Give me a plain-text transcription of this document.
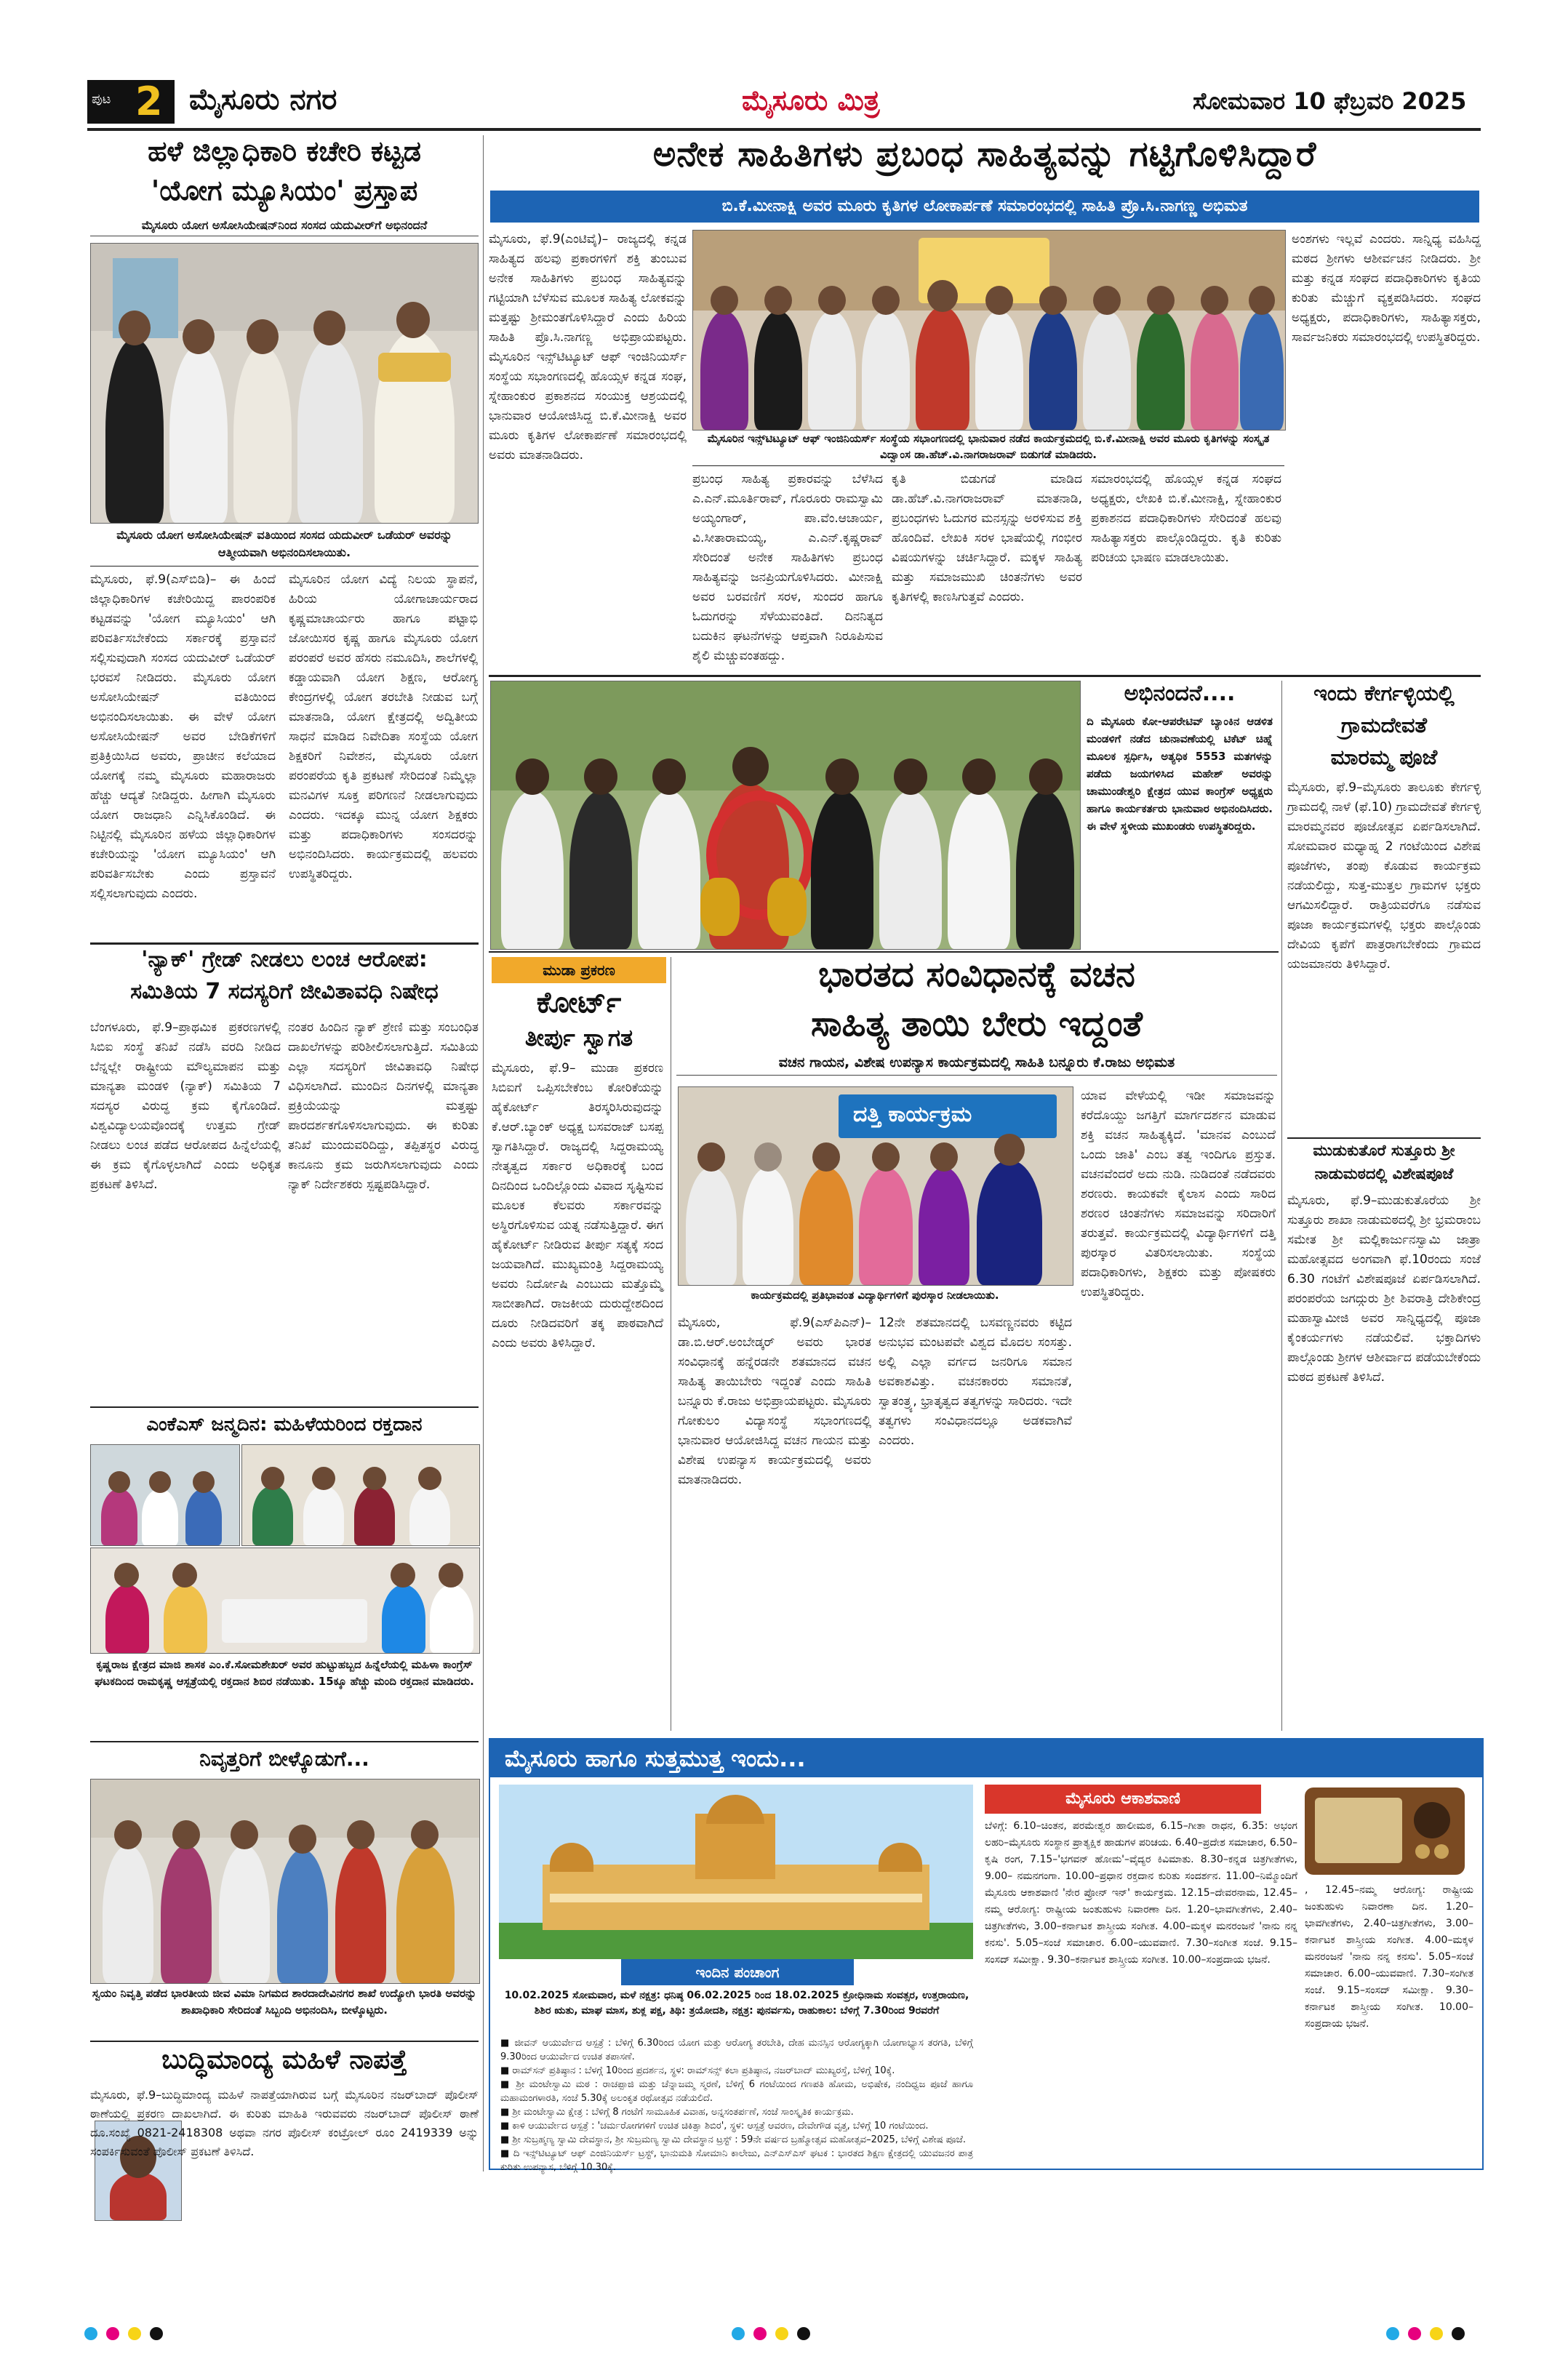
ಪುಟ 2 ಮೈಸೂರು ನಗರ	ಮೈಸೂರು ಮಿತ್ರ	ಸೋಮವಾರ 10 ಫೆಬ್ರವರಿ 2025
ಹಳೆ ಜಿಲ್ಲಾಧಿಕಾರಿ ಕಚೇರಿ ಕಟ್ಟಡ
'ಯೋಗ ಮ್ಯೂಸಿಯಂ' ಪ್ರಸ್ತಾಪ
ಮೈಸೂರು ಯೋಗ ಅಸೋಸಿಯೇಷನ್‌ನಿಂದ ಸಂಸದ ಯದುವೀರ್‌ಗೆ ಅಭಿನಂದನೆ
ಮೈಸೂರು ಯೋಗ ಅಸೋಸಿಯೇಷನ್ ವತಿಯಿಂದ ಸಂಸದ ಯದುವೀರ್ ಒಡೆಯರ್ ಅವರನ್ನು ಆತ್ಮೀಯವಾಗಿ ಅಭಿನಂದಿಸಲಾಯಿತು.
ಮೈಸೂರು, ಫೆ.9(ಎಸ್‌ಬಿಡಿ)– ಈ ಹಿಂದೆ ಜಿಲ್ಲಾಧಿಕಾರಿಗಳ ಕಚೇರಿಯಿದ್ದ ಪಾರಂಪರಿಕ ಕಟ್ಟಡವನ್ನು 'ಯೋಗ ಮ್ಯೂಸಿಯಂ' ಆಗಿ ಪರಿವರ್ತಿಸಬೇಕೆಂದು ಸರ್ಕಾರಕ್ಕೆ ಪ್ರಸ್ತಾವನೆ ಸಲ್ಲಿಸುವುದಾಗಿ ಸಂಸದ ಯದುವೀರ್ ಒಡೆಯರ್ ಭರವಸೆ ನೀಡಿದರು. ಮೈಸೂರು ಯೋಗ ಅಸೋಸಿಯೇಷನ್ ವತಿಯಿಂದ ಅಭಿನಂದಿಸಲಾಯಿತು. ಈ ವೇಳೆ ಯೋಗ ಅಸೋಸಿಯೇಷನ್ ಅವರ ಬೇಡಿಕೆಗಳಿಗೆ ಪ್ರತಿಕ್ರಿಯಿಸಿದ ಅವರು, ಪ್ರಾಚೀನ ಕಲೆಯಾದ ಯೋಗಕ್ಕೆ ನಮ್ಮ ಮೈಸೂರು ಮಹಾರಾಜರು ಹೆಚ್ಚು ಆದ್ಯತೆ ನೀಡಿದ್ದರು. ಹೀಗಾಗಿ ಮೈಸೂರು ಯೋಗ ರಾಜಧಾನಿ ಎನ್ನಿಸಿಕೊಂಡಿದೆ. ಈ ನಿಟ್ಟಿನಲ್ಲಿ ಮೈಸೂರಿನ ಹಳೆಯ ಜಿಲ್ಲಾಧಿಕಾರಿಗಳ ಕಚೇರಿಯನ್ನು 'ಯೋಗ ಮ್ಯೂಸಿಯಂ' ಆಗಿ ಪರಿವರ್ತಿಸಬೇಕು ಎಂದು ಪ್ರಸ್ತಾವನೆ ಸಲ್ಲಿಸಲಾಗುವುದು ಎಂದರು.
ಮೈಸೂರಿನ ಯೋಗ ವಿದ್ಯೆ ನಿಲಯ ಸ್ಥಾಪನೆ, ಹಿರಿಯ ಯೋಗಾಚಾರ್ಯರಾದ ಕೃಷ್ಣಮಾಚಾರ್ಯರು ಹಾಗೂ ಪಟ್ಟಾಭಿ ಜೋಯಿಸರ ಕೃಷ್ಣ ಹಾಗೂ ಮೈಸೂರು ಯೋಗ ಪರಂಪರೆ ಅವರ ಹೆಸರು ನಮೂದಿಸಿ, ಶಾಲೆಗಳಲ್ಲಿ ಕಡ್ಡಾಯವಾಗಿ ಯೋಗ ಶಿಕ್ಷಣ, ಆರೋಗ್ಯ ಕೇಂದ್ರಗಳಲ್ಲಿ ಯೋಗ ತರಬೇತಿ ನೀಡುವ ಬಗ್ಗೆ ಮಾತನಾಡಿ, ಯೋಗ ಕ್ಷೇತ್ರದಲ್ಲಿ ಅದ್ವಿತೀಯ ಸಾಧನೆ ಮಾಡಿದ ನಿವೇದಿತಾ ಸಂಸ್ಥೆಯ ಯೋಗ ಶಿಕ್ಷಕರಿಗೆ ನಿವೇಶನ, ಮೈಸೂರು ಯೋಗ ಪರಂಪರೆಯ ಕೃತಿ ಪ್ರಕಟಣೆ ಸೇರಿದಂತೆ ನಿಮ್ಮೆಲ್ಲಾ ಮನವಿಗಳ ಸೂಕ್ತ ಪರಿಗಣನೆ ನೀಡಲಾಗುವುದು ಎಂದರು. ಇದಕ್ಕೂ ಮುನ್ನ ಯೋಗ ಶಿಕ್ಷಕರು ಮತ್ತು ಪದಾಧಿಕಾರಿಗಳು ಸಂಸದರನ್ನು ಅಭಿನಂದಿಸಿದರು. ಕಾರ್ಯಕ್ರಮದಲ್ಲಿ ಹಲವರು ಉಪಸ್ಥಿತರಿದ್ದರು.
'ನ್ಯಾಕ್' ಗ್ರೇಡ್ ನೀಡಲು ಲಂಚ ಆರೋಪ:
ಸಮಿತಿಯ 7 ಸದಸ್ಯರಿಗೆ ಜೀವಿತಾವಧಿ ನಿಷೇಧ
ಬೆಂಗಳೂರು, ಫೆ.9–ಪ್ರಾಥಮಿಕ ಪ್ರಕರಣಗಳಲ್ಲಿ ಸಿಬಿಐ ಸಂಸ್ಥೆ ತನಿಖೆ ನಡೆಸಿ ವರದಿ ನೀಡಿದ ಬೆನ್ನಲ್ಲೇ ರಾಷ್ಟ್ರೀಯ ಮೌಲ್ಯಮಾಪನ ಮತ್ತು ಮಾನ್ಯತಾ ಮಂಡಳಿ (ನ್ಯಾಕ್) ಸಮಿತಿಯ 7 ಸದಸ್ಯರ ವಿರುದ್ಧ ಕ್ರಮ ಕೈಗೊಂಡಿದೆ. ವಿಶ್ವವಿದ್ಯಾಲಯವೊಂದಕ್ಕೆ ಉತ್ತಮ ಗ್ರೇಡ್ ನೀಡಲು ಲಂಚ ಪಡೆದ ಆರೋಪದ ಹಿನ್ನೆಲೆಯಲ್ಲಿ ಈ ಕ್ರಮ ಕೈಗೊಳ್ಳಲಾಗಿದೆ ಎಂದು ಅಧಿಕೃತ ಪ್ರಕಟಣೆ ತಿಳಿಸಿದೆ.
ನಂತರ ಹಿಂದಿನ ನ್ಯಾಕ್ ಶ್ರೇಣಿ ಮತ್ತು ಸಂಬಂಧಿತ ದಾಖಲೆಗಳನ್ನು ಪರಿಶೀಲಿಸಲಾಗುತ್ತಿದೆ. ಸಮಿತಿಯ ಎಲ್ಲಾ ಸದಸ್ಯರಿಗೆ ಜೀವಿತಾವಧಿ ನಿಷೇಧ ವಿಧಿಸಲಾಗಿದೆ. ಮುಂದಿನ ದಿನಗಳಲ್ಲಿ ಮಾನ್ಯತಾ ಪ್ರಕ್ರಿಯೆಯನ್ನು ಮತ್ತಷ್ಟು ಪಾರದರ್ಶಕಗೊಳಿಸಲಾಗುವುದು. ಈ ಕುರಿತು ತನಿಖೆ ಮುಂದುವರಿದಿದ್ದು, ತಪ್ಪಿತಸ್ಥರ ವಿರುದ್ಧ ಕಾನೂನು ಕ್ರಮ ಜರುಗಿಸಲಾಗುವುದು ಎಂದು ನ್ಯಾಕ್ ನಿರ್ದೇಶಕರು ಸ್ಪಷ್ಟಪಡಿಸಿದ್ದಾರೆ.
ಎಂಕೆಎಸ್ ಜನ್ಮದಿನ: ಮಹಿಳೆಯರಿಂದ ರಕ್ತದಾನ
ಕೃಷ್ಣರಾಜ ಕ್ಷೇತ್ರದ ಮಾಜಿ ಶಾಸಕ ಎಂ.ಕೆ.ಸೋಮಶೇಖರ್ ಅವರ ಹುಟ್ಟುಹಬ್ಬದ ಹಿನ್ನೆಲೆಯಲ್ಲಿ ಮಹಿಳಾ ಕಾಂಗ್ರೆಸ್ ಘಟಕದಿಂದ ರಾಮಕೃಷ್ಣ ಆಸ್ಪತ್ರೆಯಲ್ಲಿ ರಕ್ತದಾನ ಶಿಬಿರ ನಡೆಯಿತು. 15ಕ್ಕೂ ಹೆಚ್ಚು ಮಂದಿ ರಕ್ತದಾನ ಮಾಡಿದರು.
ನಿವೃತ್ತರಿಗೆ ಬೀಳ್ಕೊಡುಗೆ...
ಸ್ವಯಂ ನಿವೃತ್ತಿ ಪಡೆದ ಭಾರತೀಯ ಜೀವ ವಿಮಾ ನಿಗಮದ ಶಾರದಾದೇವಿನಗರ ಶಾಖೆ ಉದ್ಯೋಗಿ ಭಾರತಿ ಅವರನ್ನು ಶಾಖಾಧಿಕಾರಿ ಸೇರಿದಂತೆ ಸಿಬ್ಬಂದಿ ಅಭಿನಂದಿಸಿ, ಬೀಳ್ಕೊಟ್ಟರು.
ಬುದ್ಧಿಮಾಂದ್ಯ ಮಹಿಳೆ ನಾಪತ್ತೆ
ಮೈಸೂರು, ಫೆ.9–ಬುದ್ಧಿಮಾಂದ್ಯ ಮಹಿಳೆ ನಾಪತ್ತೆಯಾಗಿರುವ ಬಗ್ಗೆ ಮೈಸೂರಿನ ನಜರ್‌ಬಾದ್ ಪೊಲೀಸ್ ಠಾಣೆಯಲ್ಲಿ ಪ್ರಕರಣ ದಾಖಲಾಗಿದೆ. ಈ ಕುರಿತು ಮಾಹಿತಿ ಇರುವವರು ನಜರ್‌ಬಾದ್ ಪೊಲೀಸ್ ಠಾಣೆ ದೂ.ಸಂಖ್ಯೆ 0821-2418308 ಅಥವಾ ನಗರ ಪೊಲೀಸ್ ಕಂಟ್ರೋಲ್ ರೂಂ 2419339 ಅನ್ನು ಸಂಪರ್ಕಿಸುವಂತೆ ಪೊಲೀಸ್ ಪ್ರಕಟಣೆ ತಿಳಿಸಿದೆ.
ಅನೇಕ ಸಾಹಿತಿಗಳು ಪ್ರಬಂಧ ಸಾಹಿತ್ಯವನ್ನು ಗಟ್ಟಿಗೊಳಿಸಿದ್ದಾರೆ
ಬಿ.ಕೆ.ಮೀನಾಕ್ಷಿ ಅವರ ಮೂರು ಕೃತಿಗಳ ಲೋಕಾರ್ಪಣೆ ಸಮಾರಂಭದಲ್ಲಿ ಸಾಹಿತಿ ಪ್ರೊ.ಸಿ.ನಾಗಣ್ಣ ಅಭಿಮತ
ಮೈಸೂರು, ಫೆ.9(ಎಂಟಿವೈ)– ರಾಜ್ಯದಲ್ಲಿ ಕನ್ನಡ ಸಾಹಿತ್ಯದ ಹಲವು ಪ್ರಕಾರಗಳಿಗೆ ಶಕ್ತಿ ತುಂಬುವ ಅನೇಕ ಸಾಹಿತಿಗಳು ಪ್ರಬಂಧ ಸಾಹಿತ್ಯವನ್ನು ಗಟ್ಟಿಯಾಗಿ ಬೆಳೆಸುವ ಮೂಲಕ ಸಾಹಿತ್ಯ ಲೋಕವನ್ನು ಮತ್ತಷ್ಟು ಶ್ರೀಮಂತಗೊಳಿಸಿದ್ದಾರೆ ಎಂದು ಹಿರಿಯ ಸಾಹಿತಿ ಪ್ರೊ.ಸಿ.ನಾಗಣ್ಣ ಅಭಿಪ್ರಾಯಪಟ್ಟರು. ಮೈಸೂರಿನ ಇನ್ಸ್‌ಟಿಟ್ಯೂಟ್ ಆಫ್ ಇಂಜಿನಿಯರ್ಸ್ ಸಂಸ್ಥೆಯ ಸಭಾಂಗಣದಲ್ಲಿ ಹೊಯ್ಸಳ ಕನ್ನಡ ಸಂಘ, ಸ್ನೇಹಾಂಕುರ ಪ್ರಕಾಶನದ ಸಂಯುಕ್ತ ಆಶ್ರಯದಲ್ಲಿ ಭಾನುವಾರ ಆಯೋಜಿಸಿದ್ದ ಬಿ.ಕೆ.ಮೀನಾಕ್ಷಿ ಅವರ ಮೂರು ಕೃತಿಗಳ ಲೋಕಾರ್ಪಣೆ ಸಮಾರಂಭದಲ್ಲಿ ಅವರು ಮಾತನಾಡಿದರು.
ಮೈಸೂರಿನ ಇನ್ಸ್‌ಟಿಟ್ಯೂಟ್ ಆಫ್ ಇಂಜಿನಿಯರ್ಸ್ ಸಂಸ್ಥೆಯ ಸಭಾಂಗಣದಲ್ಲಿ ಭಾನುವಾರ ನಡೆದ ಕಾರ್ಯಕ್ರಮದಲ್ಲಿ ಬಿ.ಕೆ.ಮೀನಾಕ್ಷಿ ಅವರ ಮೂರು ಕೃತಿಗಳನ್ನು ಸಂಸ್ಕೃತ ವಿದ್ವಾಂಸ ಡಾ.ಹೆಚ್.ವಿ.ನಾಗರಾಜರಾವ್ ಬಿಡುಗಡೆ ಮಾಡಿದರು.
ಪ್ರಬಂಧ ಸಾಹಿತ್ಯ ಪ್ರಕಾರವನ್ನು ಬೆಳೆಸಿದ ಎ.ಎನ್.ಮೂರ್ತಿರಾವ್, ಗೊರೂರು ರಾಮಸ್ವಾಮಿ ಅಯ್ಯಂಗಾರ್, ಪಾ.ವೆಂ.ಆಚಾರ್ಯ, ವಿ.ಸೀತಾರಾಮಯ್ಯ, ಎ.ಎನ್.ಕೃಷ್ಣರಾವ್ ಸೇರಿದಂತೆ ಅನೇಕ ಸಾಹಿತಿಗಳು ಪ್ರಬಂಧ ಸಾಹಿತ್ಯವನ್ನು ಜನಪ್ರಿಯಗೊಳಿಸಿದರು. ಮೀನಾಕ್ಷಿ ಅವರ ಬರವಣಿಗೆ ಸರಳ, ಸುಂದರ ಹಾಗೂ ಓದುಗರನ್ನು ಸೆಳೆಯುವಂತಿದೆ. ದಿನನಿತ್ಯದ ಬದುಕಿನ ಘಟನೆಗಳನ್ನು ಆಪ್ತವಾಗಿ ನಿರೂಪಿಸುವ ಶೈಲಿ ಮೆಚ್ಚುವಂತಹದ್ದು.
ಕೃತಿ ಬಿಡುಗಡೆ ಮಾಡಿದ ಡಾ.ಹೆಚ್.ವಿ.ನಾಗರಾಜರಾವ್ ಮಾತನಾಡಿ, ಪ್ರಬಂಧಗಳು ಓದುಗರ ಮನಸ್ಸನ್ನು ಅರಳಿಸುವ ಶಕ್ತಿ ಹೊಂದಿವೆ. ಲೇಖಕಿ ಸರಳ ಭಾಷೆಯಲ್ಲಿ ಗಂಭೀರ ವಿಷಯಗಳನ್ನು ಚರ್ಚಿಸಿದ್ದಾರೆ. ಮಕ್ಕಳ ಸಾಹಿತ್ಯ ಮತ್ತು ಸಮಾಜಮುಖಿ ಚಿಂತನೆಗಳು ಅವರ ಕೃತಿಗಳಲ್ಲಿ ಕಾಣಸಿಗುತ್ತವೆ ಎಂದರು.
ಸಮಾರಂಭದಲ್ಲಿ ಹೊಯ್ಸಳ ಕನ್ನಡ ಸಂಘದ ಅಧ್ಯಕ್ಷರು, ಲೇಖಕಿ ಬಿ.ಕೆ.ಮೀನಾಕ್ಷಿ, ಸ್ನೇಹಾಂಕುರ ಪ್ರಕಾಶನದ ಪದಾಧಿಕಾರಿಗಳು ಸೇರಿದಂತೆ ಹಲವು ಸಾಹಿತ್ಯಾಸಕ್ತರು ಪಾಲ್ಗೊಂಡಿದ್ದರು. ಕೃತಿ ಕುರಿತು ಪರಿಚಯ ಭಾಷಣ ಮಾಡಲಾಯಿತು.
ಅಂಶಗಳು ಇಲ್ಲವೆ ಎಂದರು. ಸಾನ್ನಿಧ್ಯ ವಹಿಸಿದ್ದ ಮಠದ ಶ್ರೀಗಳು ಆಶೀರ್ವಚನ ನೀಡಿದರು. ಶ್ರೀ ಮತ್ತು ಕನ್ನಡ ಸಂಘದ ಪದಾಧಿಕಾರಿಗಳು ಕೃತಿಯ ಕುರಿತು ಮೆಚ್ಚುಗೆ ವ್ಯಕ್ತಪಡಿಸಿದರು. ಸಂಘದ ಅಧ್ಯಕ್ಷರು, ಪದಾಧಿಕಾರಿಗಳು, ಸಾಹಿತ್ಯಾಸಕ್ತರು, ಸಾರ್ವಜನಿಕರು ಸಮಾರಂಭದಲ್ಲಿ ಉಪಸ್ಥಿತರಿದ್ದರು.
ಅಭಿನಂದನೆ....
ದಿ ಮೈಸೂರು ಕೋ-ಆಪರೇಟಿವ್ ಬ್ಯಾಂಕಿನ ಆಡಳಿತ ಮಂಡಳಿಗೆ ನಡೆದ ಚುನಾವಣೆಯಲ್ಲಿ ಟಿಕೆಟ್ ಚಿಹ್ನೆ ಮೂಲಕ ಸ್ಪರ್ಧಿಸಿ, ಅತ್ಯಧಿಕ 5553 ಮತಗಳನ್ನು ಪಡೆದು ಜಯಗಳಿಸಿದ ಮಹೇಶ್ ಅವರನ್ನು ಚಾಮುಂಡೇಶ್ವರಿ ಕ್ಷೇತ್ರದ ಯುವ ಕಾಂಗ್ರೆಸ್ ಅಧ್ಯಕ್ಷರು ಹಾಗೂ ಕಾರ್ಯಕರ್ತರು ಭಾನುವಾರ ಅಭಿನಂದಿಸಿದರು. ಈ ವೇಳೆ ಸ್ಥಳೀಯ ಮುಖಂಡರು ಉಪಸ್ಥಿತರಿದ್ದರು.
ಇಂದು ಕೇರ್ಗಳ್ಳಿಯಲ್ಲಿ
ಗ್ರಾಮದೇವತೆ
ಮಾರಮ್ಮ ಪೂಜೆ
ಮೈಸೂರು, ಫೆ.9–ಮೈಸೂರು ತಾಲೂಕು ಕೇರ್ಗಳ್ಳಿ ಗ್ರಾಮದಲ್ಲಿ ನಾಳೆ (ಫೆ.10) ಗ್ರಾಮದೇವತೆ ಕೇರ್ಗಳ್ಳಿ ಮಾರಮ್ಮನವರ ಪೂಜೋತ್ಸವ ಏರ್ಪಡಿಸಲಾಗಿದೆ. ಸೋಮವಾರ ಮಧ್ಯಾಹ್ನ 2 ಗಂಟೆಯಿಂದ ವಿಶೇಷ ಪೂಜೆಗಳು, ತಂಪು ಕೊಡುವ ಕಾರ್ಯಕ್ರಮ ನಡೆಯಲಿದ್ದು, ಸುತ್ತ-ಮುತ್ತಲ ಗ್ರಾಮಗಳ ಭಕ್ತರು ಆಗಮಿಸಲಿದ್ದಾರೆ. ರಾತ್ರಿಯವರೆಗೂ ನಡೆಸುವ ಪೂಜಾ ಕಾರ್ಯಕ್ರಮಗಳಲ್ಲಿ ಭಕ್ತರು ಪಾಲ್ಗೊಂಡು ದೇವಿಯ ಕೃಪೆಗೆ ಪಾತ್ರರಾಗಬೇಕೆಂದು ಗ್ರಾಮದ ಯಜಮಾನರು ತಿಳಿಸಿದ್ದಾರೆ.
ಮುಡುಕುತೊರೆ ಸುತ್ತೂರು ಶ್ರೀ
ನಾಡುಮಠದಲ್ಲಿ ವಿಶೇಷಪೂಜೆ
ಮೈಸೂರು, ಫೆ.9–ಮುಡುಕುತೊರೆಯ ಶ್ರೀ ಸುತ್ತೂರು ಶಾಖಾ ನಾಡುಮಠದಲ್ಲಿ ಶ್ರೀ ಭ್ರಮರಾಂಬ ಸಮೇತ ಶ್ರೀ ಮಲ್ಲಿಕಾರ್ಜುನಸ್ವಾಮಿ ಜಾತ್ರಾ ಮಹೋತ್ಸವದ ಅಂಗವಾಗಿ ಫೆ.10ರಂದು ಸಂಜೆ 6.30 ಗಂಟೆಗೆ ವಿಶೇಷಪೂಜೆ ಏರ್ಪಡಿಸಲಾಗಿದೆ. ಪರಂಪರೆಯ ಜಗದ್ಗುರು ಶ್ರೀ ಶಿವರಾತ್ರಿ ದೇಶಿಕೇಂದ್ರ ಮಹಾಸ್ವಾಮೀಜಿ ಅವರ ಸಾನ್ನಿಧ್ಯದಲ್ಲಿ ಪೂಜಾ ಕೈಂಕರ್ಯಗಳು ನಡೆಯಲಿವೆ. ಭಕ್ತಾದಿಗಳು ಪಾಲ್ಗೊಂಡು ಶ್ರೀಗಳ ಆಶೀರ್ವಾದ ಪಡೆಯಬೇಕೆಂದು ಮಠದ ಪ್ರಕಟಣೆ ತಿಳಿಸಿದೆ.
ಮುಡಾ ಪ್ರಕರಣ
ಕೋರ್ಟ್
ತೀರ್ಪು ಸ್ವಾಗತ
ಮೈಸೂರು, ಫೆ.9– ಮುಡಾ ಪ್ರಕರಣ ಸಿಬಿಐಗೆ ಒಪ್ಪಿಸಬೇಕೆಂಬ ಕೋರಿಕೆಯನ್ನು ಹೈಕೋರ್ಟ್ ತಿರಸ್ಕರಿಸಿರುವುದನ್ನು ಕೆ.ಆರ್.ಬ್ಯಾಂಕ್ ಅಧ್ಯಕ್ಷ ಬಸವರಾಜ್ ಬಸಪ್ಪ ಸ್ವಾಗತಿಸಿದ್ದಾರೆ. ರಾಜ್ಯದಲ್ಲಿ ಸಿದ್ದರಾಮಯ್ಯ ನೇತೃತ್ವದ ಸರ್ಕಾರ ಅಧಿಕಾರಕ್ಕೆ ಬಂದ ದಿನದಿಂದ ಒಂದಿಲ್ಲೊಂದು ವಿವಾದ ಸೃಷ್ಟಿಸುವ ಮೂಲಕ ಕೆಲವರು ಸರ್ಕಾರವನ್ನು ಅಸ್ಥಿರಗೊಳಿಸುವ ಯತ್ನ ನಡೆಸುತ್ತಿದ್ದಾರೆ. ಈಗ ಹೈಕೋರ್ಟ್ ನೀಡಿರುವ ತೀರ್ಪು ಸತ್ಯಕ್ಕೆ ಸಂದ ಜಯವಾಗಿದೆ. ಮುಖ್ಯಮಂತ್ರಿ ಸಿದ್ದರಾಮಯ್ಯ ಅವರು ನಿರ್ದೋಷಿ ಎಂಬುದು ಮತ್ತೊಮ್ಮೆ ಸಾಬೀತಾಗಿದೆ. ರಾಜಕೀಯ ದುರುದ್ದೇಶದಿಂದ ದೂರು ನೀಡಿದವರಿಗೆ ತಕ್ಕ ಪಾಠವಾಗಿದೆ ಎಂದು ಅವರು ತಿಳಿಸಿದ್ದಾರೆ.
ಭಾರತದ ಸಂವಿಧಾನಕ್ಕೆ ವಚನ
ಸಾಹಿತ್ಯ ತಾಯಿ ಬೇರು ಇದ್ದಂತೆ
ವಚನ ಗಾಯನ, ವಿಶೇಷ ಉಪನ್ಯಾಸ ಕಾರ್ಯಕ್ರಮದಲ್ಲಿ ಸಾಹಿತಿ ಬನ್ನೂರು ಕೆ.ರಾಜು ಅಭಿಮತ
ದತ್ತಿ ಕಾರ್ಯಕ್ರಮ
ಕಾರ್ಯಕ್ರಮದಲ್ಲಿ ಪ್ರತಿಭಾವಂತ ವಿದ್ಯಾರ್ಥಿಗಳಿಗೆ ಪುರಸ್ಕಾರ ನೀಡಲಾಯಿತು.
ಮೈಸೂರು, ಫೆ.9(ಎಸ್‌ಪಿಎನ್)– ಡಾ.ಬಿ.ಆರ್.ಅಂಬೇಡ್ಕರ್ ಅವರು ಭಾರತ ಸಂವಿಧಾನಕ್ಕೆ ಹನ್ನೆರಡನೇ ಶತಮಾನದ ವಚನ ಸಾಹಿತ್ಯ ತಾಯಿಬೇರು ಇದ್ದಂತೆ ಎಂದು ಸಾಹಿತಿ ಬನ್ನೂರು ಕೆ.ರಾಜು ಅಭಿಪ್ರಾಯಪಟ್ಟರು. ಮೈಸೂರು ಗೋಕುಲಂ ವಿದ್ಯಾಸಂಸ್ಥೆ ಸಭಾಂಗಣದಲ್ಲಿ ಭಾನುವಾರ ಆಯೋಜಿಸಿದ್ದ ವಚನ ಗಾಯನ ಮತ್ತು ವಿಶೇಷ ಉಪನ್ಯಾಸ ಕಾರ್ಯಕ್ರಮದಲ್ಲಿ ಅವರು ಮಾತನಾಡಿದರು.
12ನೇ ಶತಮಾನದಲ್ಲಿ ಬಸವಣ್ಣನವರು ಕಟ್ಟಿದ ಅನುಭವ ಮಂಟಪವೇ ವಿಶ್ವದ ಮೊದಲ ಸಂಸತ್ತು. ಅಲ್ಲಿ ಎಲ್ಲಾ ವರ್ಗದ ಜನರಿಗೂ ಸಮಾನ ಅವಕಾಶವಿತ್ತು. ವಚನಕಾರರು ಸಮಾನತೆ, ಸ್ವಾತಂತ್ರ್ಯ, ಭ್ರಾತೃತ್ವದ ತತ್ವಗಳನ್ನು ಸಾರಿದರು. ಇದೇ ತತ್ವಗಳು ಸಂವಿಧಾನದಲ್ಲೂ ಅಡಕವಾಗಿವೆ ಎಂದರು.
ಯಾವ ವೇಳೆಯಲ್ಲಿ ಇಡೀ ಸಮಾಜವನ್ನು ಕರೆದೊಯ್ದು ಜಗತ್ತಿಗೆ ಮಾರ್ಗದರ್ಶನ ಮಾಡುವ ಶಕ್ತಿ ವಚನ ಸಾಹಿತ್ಯಕ್ಕಿದೆ. 'ಮಾನವ ಎಂಬುದೆ ಒಂದು ಜಾತಿ' ಎಂಬ ತತ್ವ ಇಂದಿಗೂ ಪ್ರಸ್ತುತ. ವಚನವೆಂದರೆ ಅದು ನುಡಿ. ನುಡಿದಂತೆ ನಡೆದವರು ಶರಣರು. ಕಾಯಕವೇ ಕೈಲಾಸ ಎಂದು ಸಾರಿದ ಶರಣರ ಚಿಂತನೆಗಳು ಸಮಾಜವನ್ನು ಸರಿದಾರಿಗೆ ತರುತ್ತವೆ. ಕಾರ್ಯಕ್ರಮದಲ್ಲಿ ವಿದ್ಯಾರ್ಥಿಗಳಿಗೆ ದತ್ತಿ ಪುರಸ್ಕಾರ ವಿತರಿಸಲಾಯಿತು. ಸಂಸ್ಥೆಯ ಪದಾಧಿಕಾರಿಗಳು, ಶಿಕ್ಷಕರು ಮತ್ತು ಪೋಷಕರು ಉಪಸ್ಥಿತರಿದ್ದರು.
ಮೈಸೂರು ಹಾಗೂ ಸುತ್ತಮುತ್ತ ಇಂದು...
ಮೈಸೂರು ಆಕಾಶವಾಣಿ
ಬೆಳಿಗ್ಗೆ: 6.10–ಚಿಂತನ, ಪರಮೇಶ್ವರ ಹಾಲೀಮಠ, 6.15–ಗೀತಾ ರಾಧನ, 6.35: ಅಭಂಗ ಲಹರಿ–ಮೈಸೂರು ಸಂಸ್ಥಾನ ಪ್ರಾತ್ಯಕ್ಷಿಕ ಹಾಡುಗಳ ಪರಿಚಯ. 6.40–ಪ್ರದೇಶ ಸಮಾಚಾರ, 6.50–ಕೃಷಿ ರಂಗ, 7.15–'ಭಗವನ್ ಹೋಮ'–ವೈದ್ಯರ ಕಿವಿಮಾತು. 8.30–ಕನ್ನಡ ಚಿತ್ರಗೀತೆಗಳು, 9.00– ನಮನಗಂಗಾ. 10.00–ಪ್ರಧಾನ ರಕ್ತದಾನ ಕುರಿತು ಸಂದರ್ಶನ. 11.00–ನಿಮ್ಮೊಂದಿಗೆ ಮೈಸೂರು ಆಕಾಶವಾಣಿ 'ನೇರ ಪ್ರೋನ್ ಇನ್' ಕಾರ್ಯಕ್ರಮ. 12.15–ದೇವರನಾಮ, 12.45–ನಮ್ಮ ಆರೋಗ್ಯ: ರಾಷ್ಟ್ರೀಯ ಜಂತುಹುಳು ನಿವಾರಣಾ ದಿನ. 1.20–ಭಾವಗೀತೆಗಳು, 2.40–ಚಿತ್ರಗೀತೆಗಳು, 3.00–ಕರ್ನಾಟಕ ಶಾಸ್ತ್ರೀಯ ಸಂಗೀತ. 4.00–ಮಕ್ಕಳ ಮನರಂಜನೆ 'ನಾನು ನನ್ನ ಕನಸು'. 5.05–ಸಂಜೆ ಸಮಾಚಾರ. 6.00–ಯುವವಾಣಿ. 7.30–ಸಂಗೀತ ಸಂಜೆ. 9.15–ಸಂಸದ್ ಸಮೀಕ್ಷಾ. 9.30–ಕರ್ನಾಟಕ ಶಾಸ್ತ್ರೀಯ ಸಂಗೀತ. 10.00–ಸಂಪ್ರದಾಯ ಭಜನೆ.
ಇಂದಿನ ಪಂಚಾಂಗ
10.02.2025 ಸೋಮವಾರ, ಮಳೆ ನಕ್ಷತ್ರ: ಧನಿಷ್ಠ 06.02.2025 ರಿಂದ 18.02.2025 ಕ್ರೋಧಿನಾಮ ಸಂವತ್ಸರ, ಉತ್ತರಾಯಣ, ಶಿಶಿರ ಋತು, ಮಾಘ ಮಾಸ, ಶುಕ್ಲ ಪಕ್ಷ, ತಿಥಿ: ತ್ರಯೋದಶಿ, ನಕ್ಷತ್ರ: ಪುನರ್ವಸು, ರಾಹುಕಾಲ: ಬೆಳಿಗ್ಗೆ 7.30ರಿಂದ 9ರವರೆಗೆ
■ ಜೀವನ್ ಆಯುರ್ವೇದ ಆಸ್ಪತ್ರೆ : ಬೆಳಿಗ್ಗೆ 6.30ರಿಂದ ಯೋಗ ಮತ್ತು ಆರೋಗ್ಯ ತರಬೇತಿ, ದೇಹ ಮನಸ್ಸಿನ ಆರೋಗ್ಯಕ್ಕಾಗಿ ಯೋಗಾಭ್ಯಾಸ ತರಗತಿ, ಬೆಳಿಗ್ಗೆ 9.30ರಿಂದ ಆಯುರ್ವೇದ ಉಚಿತ ತಪಾಸಣೆ.
■ ರಾಮ್‌ಸನ್ ಪ್ರತಿಷ್ಠಾನ : ಬೆಳಗ್ಗೆ 10ರಿಂದ ಪ್ರದರ್ಶನ, ಸ್ಥಳ: ರಾಮ್‌ಸನ್ಸ್ ಕಲಾ ಪ್ರತಿಷ್ಠಾನ, ನಜರ್‌ಬಾದ್ ಮುಖ್ಯರಸ್ತೆ, ಬೆಳಿಗ್ಗೆ 10ಕ್ಕೆ.
■ ಶ್ರೀ ಮಂಟೇಸ್ವಾಮಿ ಮಠ : ರಾಚಪ್ಪಾಜಿ ಮತ್ತು ಚೆನ್ನಾಜಮ್ಮ ಸ್ಮರಣೆ, ಬೆಳಿಗ್ಗೆ 6 ಗಂಟೆಯಿಂದ ಗಣಪತಿ ಹೋಮ, ಅಭಿಷೇಕ, ನಂದಿಧ್ವಜ ಪೂಜೆ ಹಾಗೂ ಮಹಾಮಂಗಳಾರತಿ, ಸಂಜೆ 5.30ಕ್ಕೆ ಅಲಂಕೃತ ರಥೋತ್ಸವ ನಡೆಯಲಿದೆ.
■ ಶ್ರೀ ಮಂಟೇಸ್ವಾಮಿ ಕ್ಷೇತ್ರ : ಬೆಳಿಗ್ಗೆ 8 ಗಂಟೆಗೆ ಸಾಮೂಹಿಕ ವಿವಾಹ, ಅನ್ನಸಂತರ್ಪಣೆ, ಸಂಜೆ ಸಾಂಸ್ಕೃತಿಕ ಕಾರ್ಯಕ್ರಮ.
■ ಕಾಳಿ ಆಯುರ್ವೇದ ಆಸ್ಪತ್ರೆ : 'ಚರ್ಮರೋಗಗಳಿಗೆ ಉಚಿತ ಚಿಕಿತ್ಸಾ ಶಿಬಿರ', ಸ್ಥಳ: ಆಸ್ಪತ್ರೆ ಆವರಣ, ದೇವೇಗೌಡ ವೃತ್ತ, ಬೆಳಿಗ್ಗೆ 10 ಗಂಟೆಯಿಂದ.
■ ಶ್ರೀ ಸುಬ್ರಹ್ಮಣ್ಯ ಸ್ವಾಮಿ ದೇವಸ್ಥಾನ, ಶ್ರೀ ಸುಬ್ರಮಣ್ಯ ಸ್ವಾಮಿ ದೇವಸ್ಥಾನ ಟ್ರಸ್ಟ್ : 59ನೇ ವರ್ಷದ ಬ್ರಹ್ಮೋತ್ಸವ ಮಹೋತ್ಸವ–2025, ಬೆಳಿಗ್ಗೆ ವಿಶೇಷ ಪೂಜೆ.
■ ದಿ ಇನ್ಸ್‌ಟಿಟ್ಯೂಟ್ ಆಫ್ ಎಂಜಿನಿಯರ್ಸ್ ಟ್ರಸ್ಟ್, ಭಾನುಮತಿ ಸೋಮಾನಿ ಕಾಲೇಜು, ಎನ್‌ಎಸ್‌ಎಸ್ ಘಟಕ : ಭಾರತದ ಶಿಕ್ಷಣ ಕ್ಷೇತ್ರದಲ್ಲಿ ಯುವಜನರ ಪಾತ್ರ ಕುರಿತು ಉಪನ್ಯಾಸ, ಬೆಳಿಗ್ಗೆ 10.30ಕ್ಕೆ.
, 12.45–ನಮ್ಮ ಆರೋಗ್ಯ: ರಾಷ್ಟ್ರೀಯ ಜಂತುಹುಳು ನಿವಾರಣಾ ದಿನ. 1.20–ಭಾವಗೀತೆಗಳು, 2.40–ಚಿತ್ರಗೀತೆಗಳು, 3.00–ಕರ್ನಾಟಕ ಶಾಸ್ತ್ರೀಯ ಸಂಗೀತ. 4.00–ಮಕ್ಕಳ ಮನರಂಜನೆ 'ನಾನು ನನ್ನ ಕನಸು'. 5.05–ಸಂಜೆ ಸಮಾಚಾರ. 6.00–ಯುವವಾಣಿ. 7.30–ಸಂಗೀತ ಸಂಜೆ. 9.15–ಸಂಸದ್ ಸಮೀಕ್ಷಾ. 9.30–ಕರ್ನಾಟಕ ಶಾಸ್ತ್ರೀಯ ಸಂಗೀತ. 10.00–ಸಂಪ್ರದಾಯ ಭಜನೆ.
